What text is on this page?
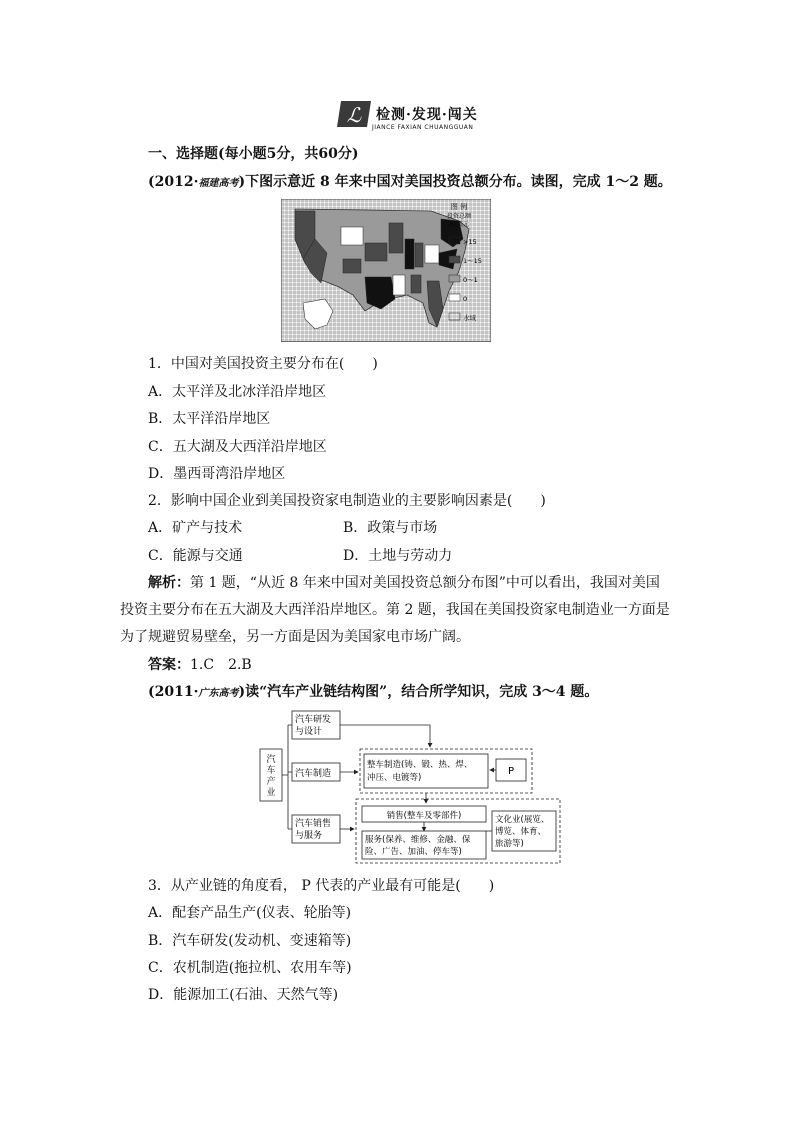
ℒ 检测·发现·闯关
JIANCE FAXIAN CHUANGGUAN
一、选择题(每小题5分，共60分)
(2012·福建高考)下图示意近 8 年来中国对美国投资总额分布。读图，完成 1～2 题。
图 例
投资总额
/亿美元
>15
1～15
0～1
0
水域
1．中国对美国投资主要分布在(　　)
A．太平洋及北冰洋沿岸地区
B．太平洋沿岸地区
C．五大湖及大西洋沿岸地区
D．墨西哥湾沿岸地区
2．影响中国企业到美国投资家电制造业的主要影响因素是(　　)
A．矿产与技术	B．政策与市场
C．能源与交通	D．土地与劳动力
解析：第 1 题，“从近 8 年来中国对美国投资总额分布图”中可以看出，我国对美国
投资主要分布在五大湖及大西洋沿岸地区。第 2 题，我国在美国投资家电制造业一方面是
为了规避贸易壁垒，另一方面是因为美国家电市场广阔。
答案：1.C　2.B
(2011·广东高考)读“汽车产业链结构图”，结合所学知识，完成 3～4 题。
汽
车
产
业
汽车研发
与设计
汽车制造
汽车销售
与服务
整车制造(铸、锻、热、焊、
冲压、电镀等)
P
销售(整车及零部件)
服务(保养、维修、金融、保
险、广告、加油、停车等)
文化业(展览、
博览、体育、
旅游等)
3．从产业链的角度看， P 代表的产业最有可能是(　　)
A．配套产品生产(仪表、轮胎等)
B．汽车研发(发动机、变速箱等)
C．农机制造(拖拉机、农用车等)
D．能源加工(石油、天然气等)
